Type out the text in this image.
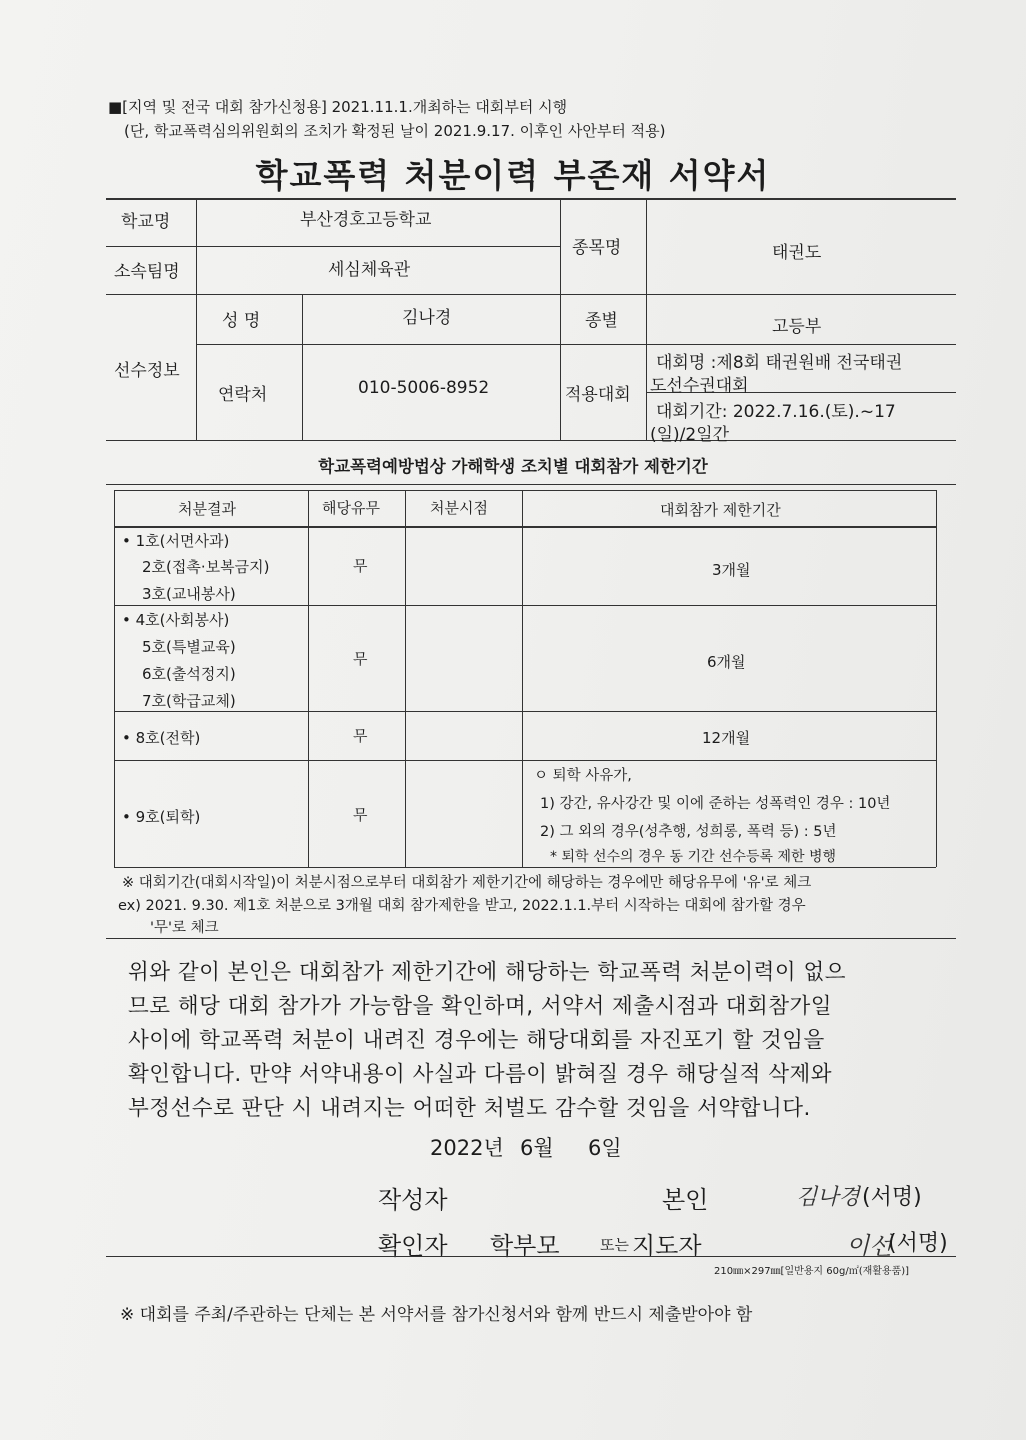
■[지역 및 전국 대회 참가신청용] 2021.11.1.개최하는 대회부터 시행
(단, 학교폭력심의위원회의 조치가 확정된 날이 2021.9.17. 이후인 사안부터 적용)
학교폭력 처분이력 부존재 서약서
학교명	부산경호고등학교
소속팀명	세심체육관
종목명	태권도
선수정보
성 명	김나경	종별	고등부
연락처	010-5006-8952	적용대회
대회명 :제8회 태권원배 전국태권
도선수권대회
대회기간: 2022.7.16.(토).~17
(일)/2일간
학교폭력예방법상 가해학생 조치별 대회참가 제한기간
처분결과	해당유무	처분시점	대회참가 제한기간
• 1호(서면사과)
2호(접촉·보복금지)
3호(교내봉사)
무	3개월
• 4호(사회봉사)
5호(특별교육)
6호(출석정지)
7호(학급교체)
무	6개월
• 8호(전학)	무	12개월
• 9호(퇴학)	무
ㅇ 퇴학 사유가,
1) 강간, 유사강간 및 이에 준하는 성폭력인 경우 : 10년
2) 그 외의 경우(성추행, 성희롱, 폭력 등) : 5년
* 퇴학 선수의 경우 동 기간 선수등록 제한 병행
※ 대회기간(대회시작일)이 처분시점으로부터 대회참가 제한기간에 해당하는 경우에만 해당유무에 '유'로 체크
ex) 2021. 9.30. 제1호 처분으로 3개월 대회 참가제한을 받고, 2022.1.1.부터 시작하는 대회에 참가할 경우
'무'로 체크
위와 같이 본인은 대회참가 제한기간에 해당하는 학교폭력 처분이력이 없으
므로 해당 대회 참가가 가능함을 확인하며, 서약서 제출시점과 대회참가일
사이에 학교폭력 처분이 내려진 경우에는 해당대회를 자진포기 할 것임을
확인합니다. 만약 서약내용이 사실과 다름이 밝혀질 경우 해당실적 삭제와
부정선수로 판단 시 내려지는 어떠한 처벌도 감수할 것임을 서약합니다.
2022년 6월 6일
작성자	본인	김나경 (서명)
확인자 학부모	또는 지도자	이선
(서명)
210㎜×297㎜[일반용지 60g/㎡(재활용품)]
※ 대회를 주최/주관하는 단체는 본 서약서를 참가신청서와 함께 반드시 제출받아야 함
